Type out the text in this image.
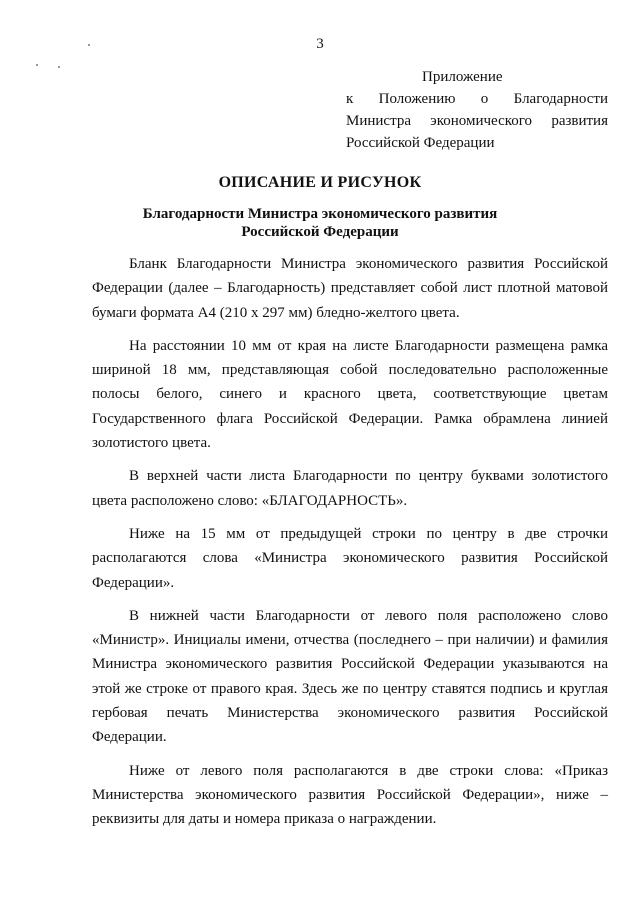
3
Приложение
к Положению о Благодарности
Министра экономического развития
Российской Федерации
ОПИСАНИЕ И РИСУНОК
Благодарности Министра экономического развития
Российской Федерации

Бланк Благодарности Министра экономического развития Российской Федерации (далее – Благодарность) представляет собой лист плотной матовой бумаги формата А4 (210 x 297 мм) бледно-желтого цвета.

На расстоянии 10 мм от края на листе Благодарности размещена рамка шириной 18 мм, представляющая собой последовательно расположенные полосы белого, синего и красного цвета, соответствующие цветам Государственного флага Российской Федерации. Рамка обрамлена линией золотистого цвета.

В верхней части листа Благодарности по центру буквами золотистого цвета расположено слово: «БЛАГОДАРНОСТЬ».

Ниже на 15 мм от предыдущей строки по центру в две строчки располагаются слова «Министра экономического развития Российской Федерации».

В нижней части Благодарности от левого поля расположено слово «Министр». Инициалы имени, отчества (последнего – при наличии) и фамилия Министра экономического развития Российской Федерации указываются на этой же строке от правого края. Здесь же по центру ставятся подпись и круглая гербовая печать Министерства экономического развития Российской Федерации.

Ниже от левого поля располагаются в две строки слова: «Приказ Министерства экономического развития Российской Федерации», ниже – реквизиты для даты и номера приказа о награждении.
